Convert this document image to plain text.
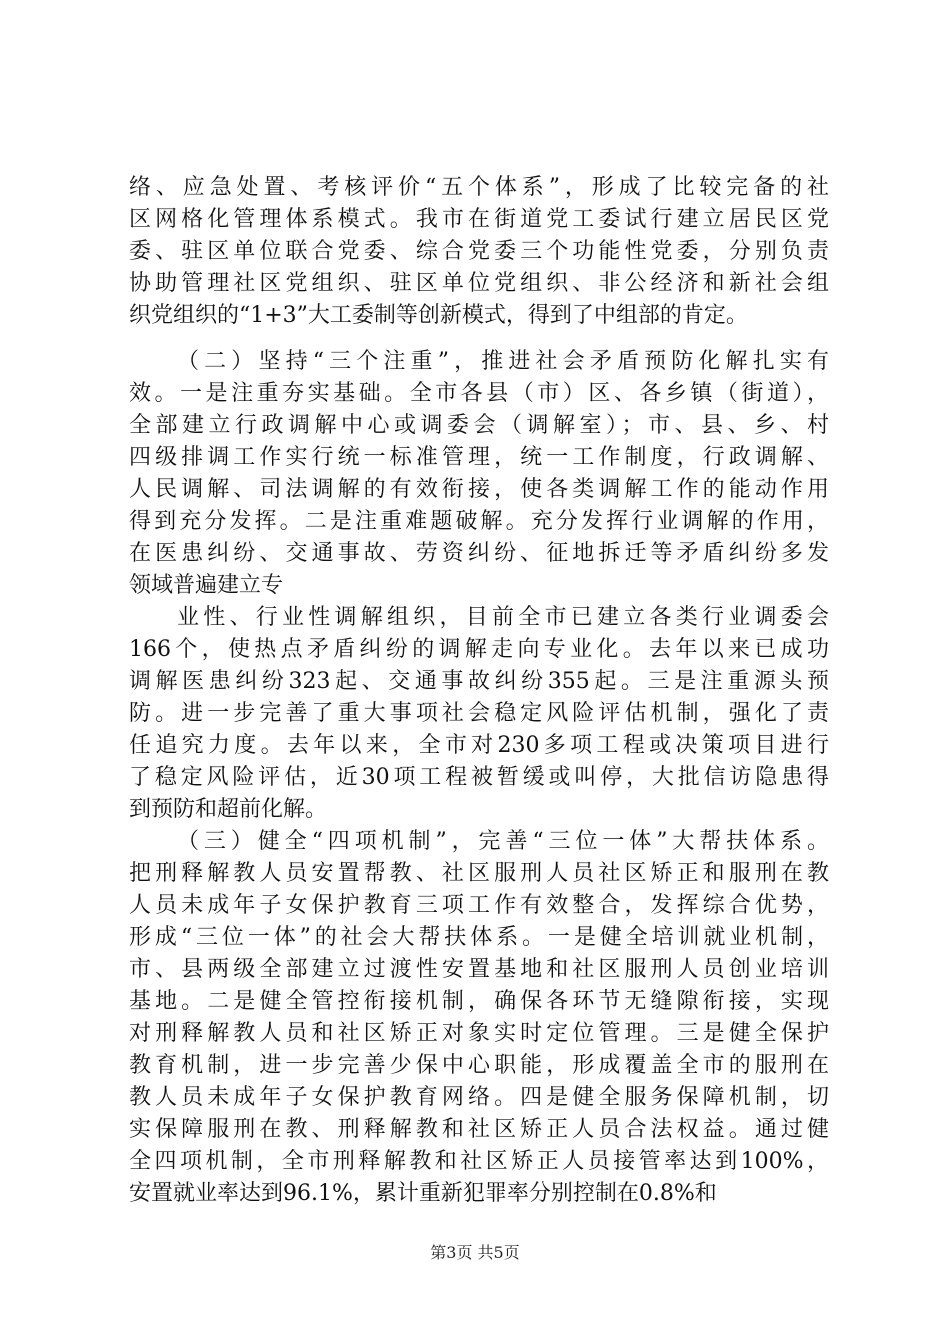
络、应急处置、考核评价“五个体系”，形成了比较完备的社
区网格化管理体系模式。我市在街道党工委试行建立居民区党
委、驻区单位联合党委、综合党委三个功能性党委，分别负责
协助管理社区党组织、驻区单位党组织、非公经济和新社会组
织党组织的“1+3”大工委制等创新模式，得到了中组部的肯定。
（二）坚持“三个注重”，推进社会矛盾预防化解扎实有
效。一是注重夯实基础。全市各县（市）区、各乡镇（街道），
全部建立行政调解中心或调委会（调解室）；市、县、乡、村
四级排调工作实行统一标准管理，统一工作制度，行政调解、
人民调解、司法调解的有效衔接，使各类调解工作的能动作用
得到充分发挥。二是注重难题破解。充分发挥行业调解的作用，
在医患纠纷、交通事故、劳资纠纷、征地拆迁等矛盾纠纷多发
领域普遍建立专
业性、行业性调解组织，目前全市已建立各类行业调委会
166个，使热点矛盾纠纷的调解走向专业化。去年以来已成功
调解医患纠纷323起、交通事故纠纷355起。三是注重源头预
防。进一步完善了重大事项社会稳定风险评估机制，强化了责
任追究力度。去年以来，全市对230多项工程或决策项目进行
了稳定风险评估，近30项工程被暂缓或叫停，大批信访隐患得
到预防和超前化解。
（三）健全“四项机制”，完善“三位一体”大帮扶体系。
把刑释解教人员安置帮教、社区服刑人员社区矫正和服刑在教
人员未成年子女保护教育三项工作有效整合，发挥综合优势，
形成“三位一体”的社会大帮扶体系。一是健全培训就业机制，
市、县两级全部建立过渡性安置基地和社区服刑人员创业培训
基地。二是健全管控衔接机制，确保各环节无缝隙衔接，实现
对刑释解教人员和社区矫正对象实时定位管理。三是健全保护
教育机制，进一步完善少保中心职能，形成覆盖全市的服刑在
教人员未成年子女保护教育网络。四是健全服务保障机制，切
实保障服刑在教、刑释解教和社区矫正人员合法权益。通过健
全四项机制，全市刑释解教和社区矫正人员接管率达到100%，
安置就业率达到96.1%，累计重新犯罪率分别控制在0.8%和
第3页 共5页
